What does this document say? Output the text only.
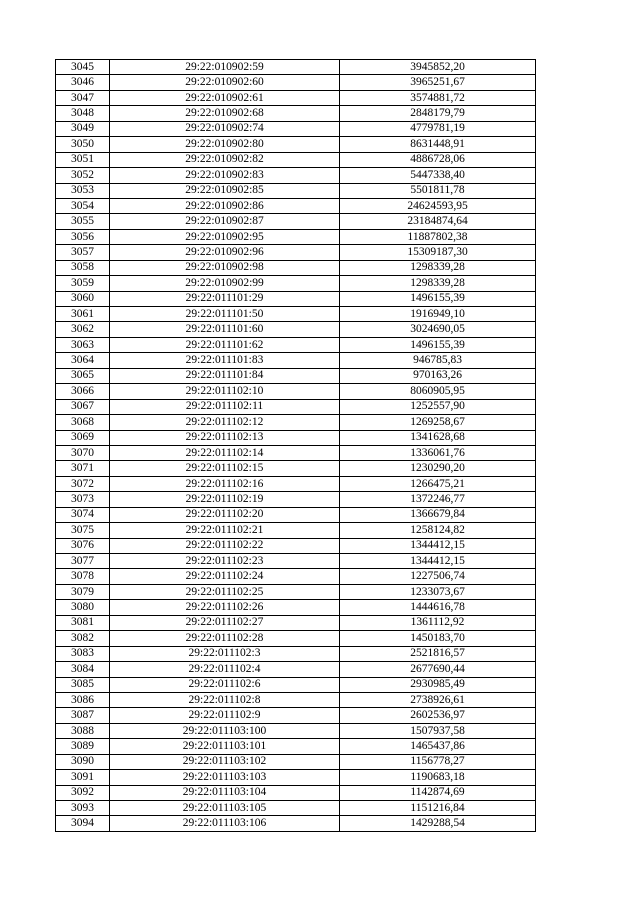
3045	29:22:010902:59	3945852,20
3046	29:22:010902:60	3965251,67
3047	29:22:010902:61	3574881,72
3048	29:22:010902:68	2848179,79
3049	29:22:010902:74	4779781,19
3050	29:22:010902:80	8631448,91
3051	29:22:010902:82	4886728,06
3052	29:22:010902:83	5447338,40
3053	29:22:010902:85	5501811,78
3054	29:22:010902:86	24624593,95
3055	29:22:010902:87	23184874,64
3056	29:22:010902:95	11887802,38
3057	29:22:010902:96	15309187,30
3058	29:22:010902:98	1298339,28
3059	29:22:010902:99	1298339,28
3060	29:22:011101:29	1496155,39
3061	29:22:011101:50	1916949,10
3062	29:22:011101:60	3024690,05
3063	29:22:011101:62	1496155,39
3064	29:22:011101:83	946785,83
3065	29:22:011101:84	970163,26
3066	29:22:011102:10	8060905,95
3067	29:22:011102:11	1252557,90
3068	29:22:011102:12	1269258,67
3069	29:22:011102:13	1341628,68
3070	29:22:011102:14	1336061,76
3071	29:22:011102:15	1230290,20
3072	29:22:011102:16	1266475,21
3073	29:22:011102:19	1372246,77
3074	29:22:011102:20	1366679,84
3075	29:22:011102:21	1258124,82
3076	29:22:011102:22	1344412,15
3077	29:22:011102:23	1344412,15
3078	29:22:011102:24	1227506,74
3079	29:22:011102:25	1233073,67
3080	29:22:011102:26	1444616,78
3081	29:22:011102:27	1361112,92
3082	29:22:011102:28	1450183,70
3083	29:22:011102:3	2521816,57
3084	29:22:011102:4	2677690,44
3085	29:22:011102:6	2930985,49
3086	29:22:011102:8	2738926,61
3087	29:22:011102:9	2602536,97
3088	29:22:011103:100	1507937,58
3089	29:22:011103:101	1465437,86
3090	29:22:011103:102	1156778,27
3091	29:22:011103:103	1190683,18
3092	29:22:011103:104	1142874,69
3093	29:22:011103:105	1151216,84
3094	29:22:011103:106	1429288,54
